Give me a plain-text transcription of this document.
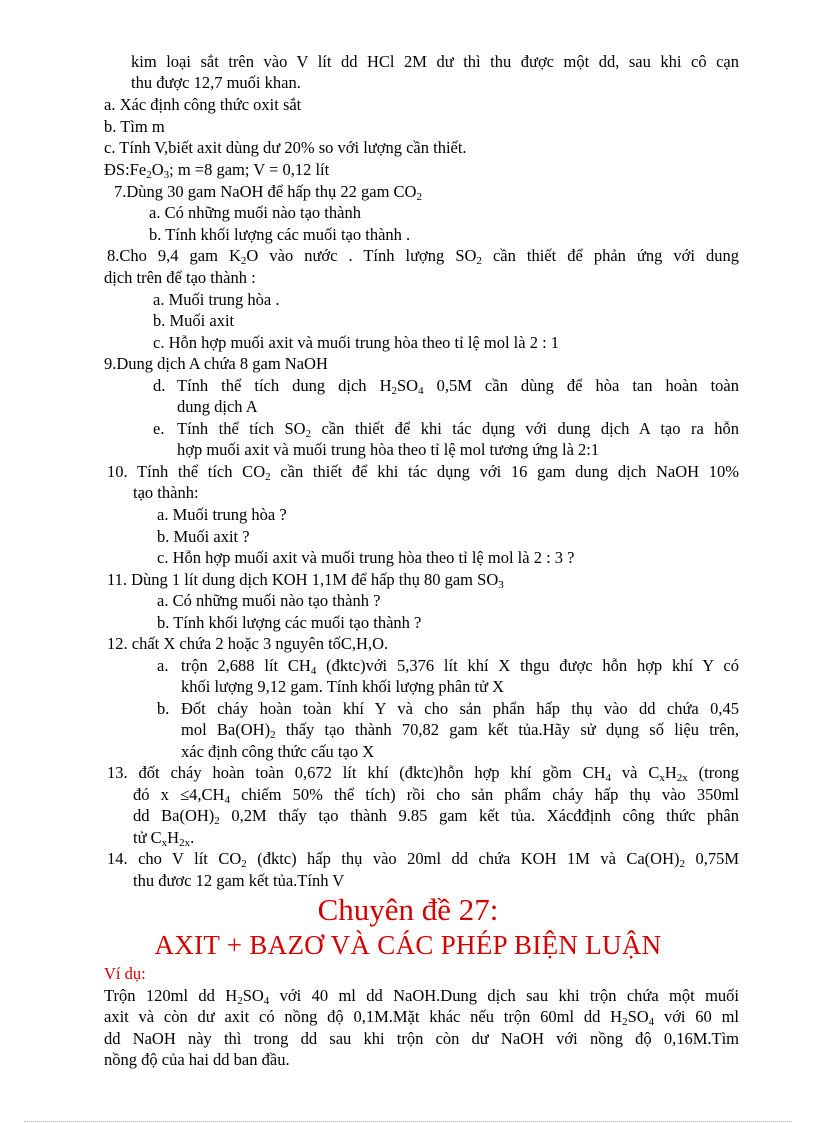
kim loại sắt trên vào V lít dd HCl 2M dư thì thu được một dd, sau khi cô cạn
thu được 12,7 muối khan.
a. Xác định công thức oxit sắt
b. Tìm m
c. Tính V,biết axit dùng dư 20% so với lượng cần thiết.
$ĐS:Fe_2O_3$; m =8 gam; V = 0,12 lít
7.Dùng 30 gam NaOH để hấp thụ 22 gam $CO_2$
a. Có những muối nào tạo thành
b. Tính khối lượng các muối tạo thành .
8.Cho 9,4 gam $K_2O$ vào nước . Tính lượng $SO_2$ cần thiết để phản ứng với dung
dịch trên để tạo thành :
a. Muối trung hòa .
b. Muối axit
c. Hỗn hợp muối axit và muối trung hòa theo tỉ lệ mol là 2 : 1
9.Dung dịch A chứa 8 gam NaOH
d. Tính thể tích dung dịch $H_2SO_4$ 0,5M cần dùng để hòa tan hoàn toàn
dung dịch A
e. Tính thể tích $SO_2$ cần thiết để khi tác dụng với dung dịch A tạo ra hỗn
hợp muối axit và muối trung hòa theo tỉ lệ mol tương ứng là 2:1
10. Tính thể tích $CO_2$ cần thiết để khi tác dụng với 16 gam dung dịch NaOH 10%
tạo thành:
a. Muối trung hòa ?
b. Muối axit ?
c. Hỗn hợp muối axit và muối trung hòa theo tỉ lệ mol là 2 : 3 ?
11. Dùng 1 lít dung dịch KOH 1,1M để hấp thụ 80 gam $SO_3$
a. Có những muối nào tạo thành ?
b. Tính khối lượng các muối tạo thành ?
12. chất X chứa 2 hoặc 3 nguyên tốC,H,O.
a. trộn 2,688 lít $CH_4$ (đktc)với 5,376 lít khí X thgu được hỗn hợp khí Y có
khối lượng 9,12 gam. Tính khối lượng phân tử X
b. Đốt cháy hoàn toàn khí Y và cho sản phẩn hấp thụ vào dd chứa 0,45
mol $Ba(OH)_2$ thấy tạo thành 70,82 gam kết tủa.Hãy sử dụng số liệu trên,
xác định công thức cấu tạo X
13. đốt cháy hoàn toàn 0,672 lít khí (đktc)hỗn hợp khí gồm $CH_4$ và $C_xH_{2x}$ (trong
đó $x \le 4,CH_4$ chiếm 50% thể tích) rồi cho sản phẩm cháy hấp thụ vào 350ml
dd $Ba(OH)_2$ 0,2M thấy tạo thành 9.85 gam kết tủa. Xácđđịnh công thức phân
tử $C_xH_{2x}$.
14. cho V lít $CO_2$ (đktc) hấp thụ vào 20ml dd chứa KOH 1M và $Ca(OH)_2$ 0,75M
thu đươc 12 gam kết tủa.Tính V
Chuyên đề 27:
AXIT + BAZƠ VÀ CÁC PHÉP BIỆN LUẬN
Ví dụ:
Trộn 120ml dd $H_2SO_4$ với 40 ml dd NaOH.Dung dịch sau khi trộn chứa một muối
axit và còn dư axit có nồng độ 0,1M.Mặt khác nếu trộn 60ml dd $H_2SO_4$ với 60 ml
dd NaOH này thì trong dd sau khi trộn còn dư NaOH với nồng độ 0,16M.Tìm
nồng độ của hai dd ban đầu.
